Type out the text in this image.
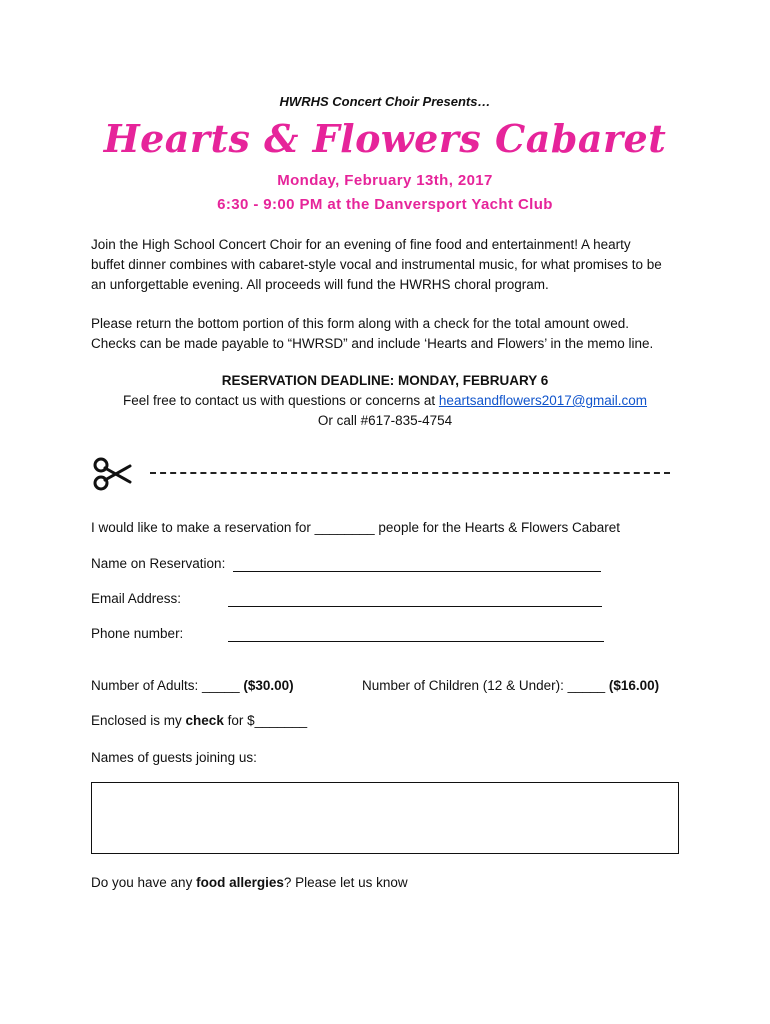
HWRHS Concert Choir Presents…
Hearts & Flowers Cabaret
Monday, February 13th, 2017
6:30 - 9:00 PM at the Danversport Yacht Club
Join the High School Concert Choir for an evening of fine food and entertainment! A hearty
buffet dinner combines with cabaret-style vocal and instrumental music, for what promises to be
an unforgettable evening. All proceeds will fund the HWRHS choral program.
Please return the bottom portion of this form along with a check for the total amount owed.
Checks can be made payable to “HWRSD” and include ‘Hearts and Flowers’ in the memo line.
RESERVATION DEADLINE: MONDAY, FEBRUARY 6
Feel free to contact us with questions or concerns at heartsandflowers2017@gmail.com
Or call #617-835-4754
I would like to make a reservation for ________ people for the Hearts & Flowers Cabaret
Name on Reservation:
Email Address:
Phone number:
Number of Adults: _____ ($30.00)	Number of Children (12 & Under): _____ ($16.00)
Enclosed is my check for $_______
Names of guests joining us:
Do you have any food allergies? Please let us know
